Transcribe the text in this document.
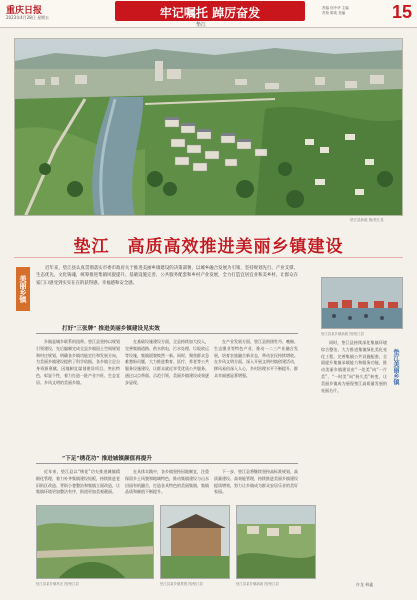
重庆日报
2023年4月28日 星期五	牢记嘱托 踔厉奋发
垫江
责编 何中华 主编
责校 陈欢 美编	15
垫江县新貌 图/垫江县
垫江 高质高效推进美丽乡镇建设
美丽乡镇
近年来，垫江县认真贯彻落实市委市政府关于推进美丽乡镇建设的决策部署，以城乡融合发展为引领，坚持规划先行、产业支撑、生态优先、文化铸魂，统筹推进集镇风貌提升、基础设施完善、公共服务配套和乡村产业发展，全力打造宜居宜业和美乡村，让群众在家门口感受到实实在在的获得感、幸福感和安全感。
打好“三张牌” 推进美丽乡镇建设见实效
乡镇是城乡联系的纽带。垫江县坚持以规划引领建设，先后编制完成全县乡镇国土空间规划和村庄规划，明确各乡镇功能定位和发展方向，为美丽乡镇建设提供了科学依据。各乡镇立足自身资源禀赋，因地制宜谋划建设项目，突出特色、彰显个性，着力打造一批产业兴旺、生态宜居、乡风文明的美丽乡镇。
在基础设施建设方面，全县持续加大投入，完善集镇道路、供水供电、污水处理、垃圾收运等设施，集镇面貌焕然一新。同时，聚焦群众急难愁盼问题，大力推进教育、医疗、养老等公共服务设施建设，让群众就近享受优质公共服务。通过以点带面、示范引领，美丽乡镇建设成效逐步显现。
在产业发展方面，垫江县围绕牡丹、晚柚、生态渔业等特色产业，推动一二三产业融合发展，培育农旅融合新业态，带动农民持续增收。在乡风文明方面，深入开展文明村镇创建活动，移风易俗深入人心，乡村治理水平不断提升，群众幸福感显著增强。
“下足”绣花功” 推进城镇颜值再提升
近年来，垫江县以“绣花”功夫推进城镇精细化管理，着力补齐集镇建设短板，持续推进老旧街区改造、背街小巷整治和集镇立面改造，让集镇环境更加整洁有序，街道更加美观靓丽。
在具体实践中，各乡镇坚持因地制宜，注重保留乡土风貌和地域特色，推动集镇建设与山水田园有机融合，打造各具特色的美丽集镇，集镇品质和颜值不断提升。
下一步，垫江县将继续坚持高标准规划、高质量建设、高效能管理，持续推进美丽乡镇建设提质增效，努力让乡镇成为群众安居乐业的美好家园。
垫江县某乡镇新貌 图/垫江县
同时，垫江县持续深化集镇环境综合整治，大力推进集镇绿化美化亮化工程，完善集镇公共设施配套，全面提升集镇承载能力和服务功能，推动美丽乡镇建设由“一处美”向“一片美”、“一时美”向“持久美”转变，让美丽乡镇成为展现垫江高质量发展的亮丽名片。
垫江美丽乡镇
垫江县某乡镇风光 图/垫江县	垫江县某乡镇景观 图/垫江县	垫江县某乡镇新貌 图/垫江县	许龙 林鑫
